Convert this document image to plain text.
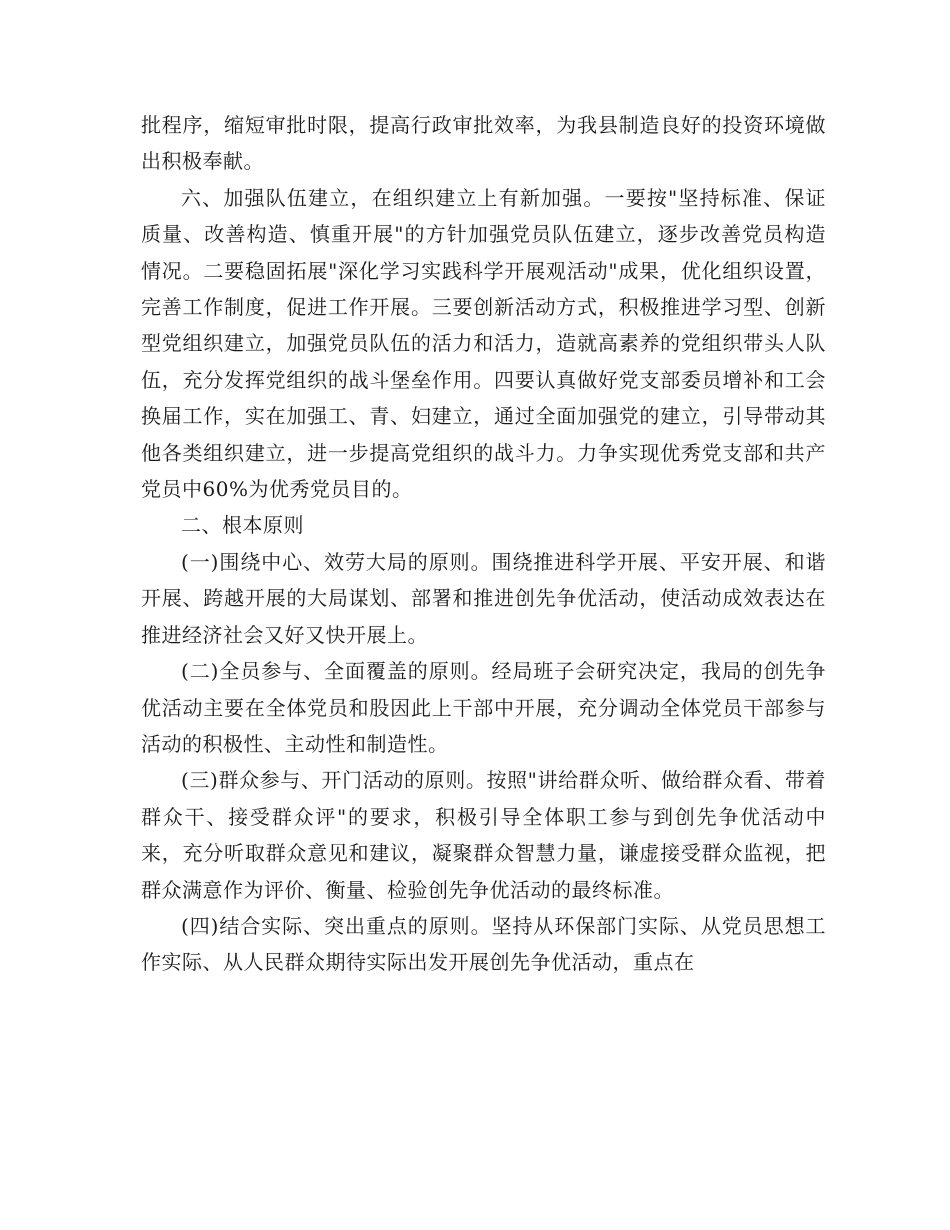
批程序，缩短审批时限，提高行政审批效率，为我县制造良好的投资环境做出积极奉献。

六、加强队伍建立，在组织建立上有新加强。一要按"坚持标准、保证质量、改善构造、慎重开展"的方针加强党员队伍建立，逐步改善党员构造情况。二要稳固拓展"深化学习实践科学开展观活动"成果，优化组织设置，完善工作制度，促进工作开展。三要创新活动方式，积极推进学习型、创新型党组织建立，加强党员队伍的活力和活力，造就高素养的党组织带头人队伍，充分发挥党组织的战斗堡垒作用。四要认真做好党支部委员增补和工会换届工作，实在加强工、青、妇建立，通过全面加强党的建立，引导带动其他各类组织建立，进一步提高党组织的战斗力。力争实现优秀党支部和共产党员中60%为优秀党员目的。

二、根本原则

(一)围绕中心、效劳大局的原则。围绕推进科学开展、平安开展、和谐开展、跨越开展的大局谋划、部署和推进创先争优活动，使活动成效表达在推进经济社会又好又快开展上。

(二)全员参与、全面覆盖的原则。经局班子会研究决定，我局的创先争优活动主要在全体党员和股因此上干部中开展，充分调动全体党员干部参与活动的积极性、主动性和制造性。

(三)群众参与、开门活动的原则。按照"讲给群众听、做给群众看、带着群众干、接受群众评"的要求，积极引导全体职工参与到创先争优活动中来，充分听取群众意见和建议，凝聚群众智慧力量，谦虚接受群众监视，把群众满意作为评价、衡量、检验创先争优活动的最终标准。

(四)结合实际、突出重点的原则。坚持从环保部门实际、从党员思想工作实际、从人民群众期待实际出发开展创先争优活动，重点在
